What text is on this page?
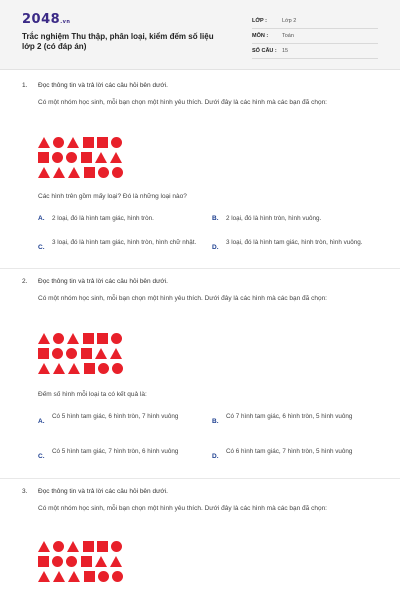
2048.vn
Trắc nghiệm Thu thập, phân loại, kiểm đếm số liệu lớp 2 (có đáp án)
LỚP :	Lớp 2
MÔN :	Toán
SỐ CÂU : 15
1. Đọc thông tin và trả lời các câu hỏi bên dưới.
Có một nhóm học sinh, mỗi bạn chọn một hình yêu thích. Dưới đây là các hình mà các bạn đã chọn:
Các hình trên gồm mấy loại? Đó là những loại nào?
A. 2 loại, đó là hình tam giác, hình tròn.	B. 2 loại, đó là hình tròn, hình vuông.
C.
3 loại, đó là hình tam giác, hình tròn, hình chữ nhật.
D.
3 loại, đó là hình tam giác, hình tròn, hình vuông.
2. Đọc thông tin và trả lời các câu hỏi bên dưới.
Có một nhóm học sinh, mỗi bạn chọn một hình yêu thích. Dưới đây là các hình mà các bạn đã chọn:
Đếm số hình mỗi loại ta có kết quả là:
A.
Có 5 hình tam giác, 6 hình tròn, 7 hình vuông
B.
Có 7 hình tam giác, 6 hình tròn, 5 hình vuông
C.
Có 5 hình tam giác, 7 hình tròn, 6 hình vuông
D.
Có 6 hình tam giác, 7 hình tròn, 5 hình vuông
3. Đọc thông tin và trả lời các câu hỏi bên dưới.
Có một nhóm học sinh, mỗi bạn chọn một hình yêu thích. Dưới đây là các hình mà các bạn đã chọn:
